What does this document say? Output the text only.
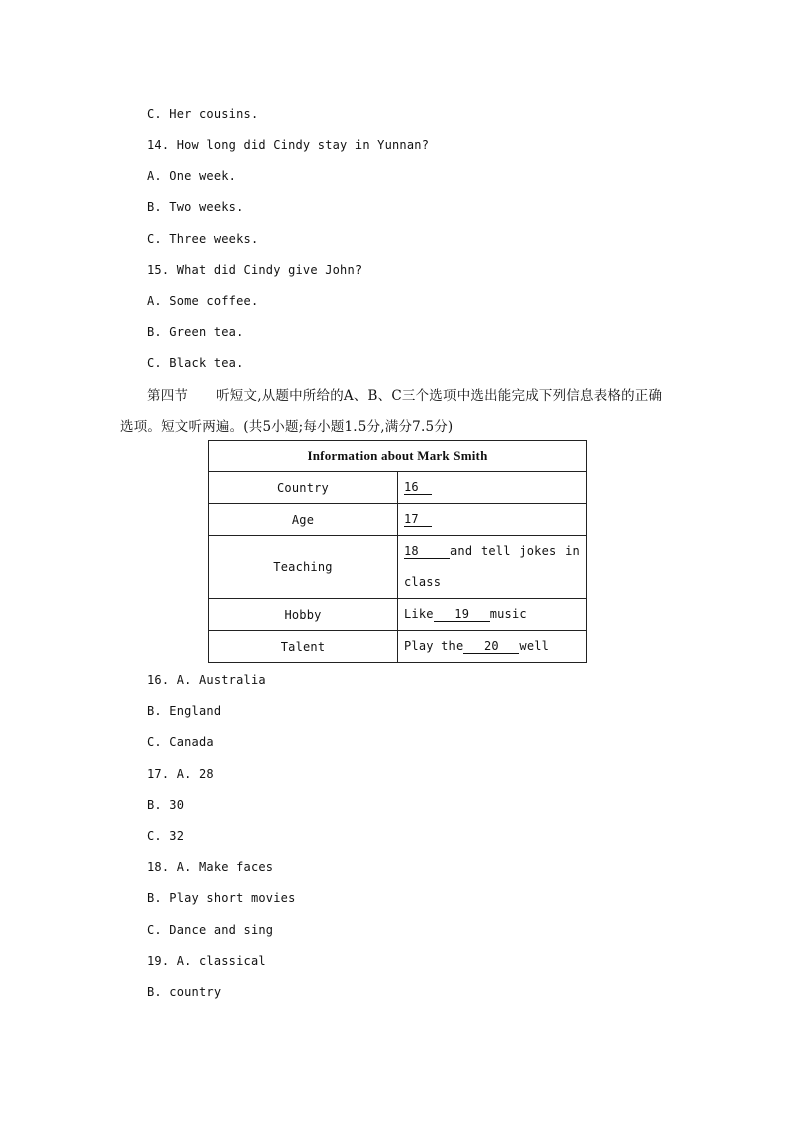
C. Her cousins.
14. How long did Cindy stay in Yunnan?
A. One week.
B. Two weeks.
C. Three weeks.
15. What did Cindy give John?
A. Some coffee.
B. Green tea.
C. Black tea.
第四节 听短文,从题中所给的A、B、C三个选项中选出能完成下列信息表格的正确
选项。短文听两遍。(共5小题;每小题1.5分,满分7.5分)
Information about Mark Smith	
Country	16
Age	17
Teaching	18 and tell jokes in
class

Hobby	Like 19 music
Talent	Play the 20 well
16. A. Australia
B. England
C. Canada
17. A. 28
B. 30
C. 32
18. A. Make faces
B. Play short movies
C. Dance and sing
19. A. classical
B. country
